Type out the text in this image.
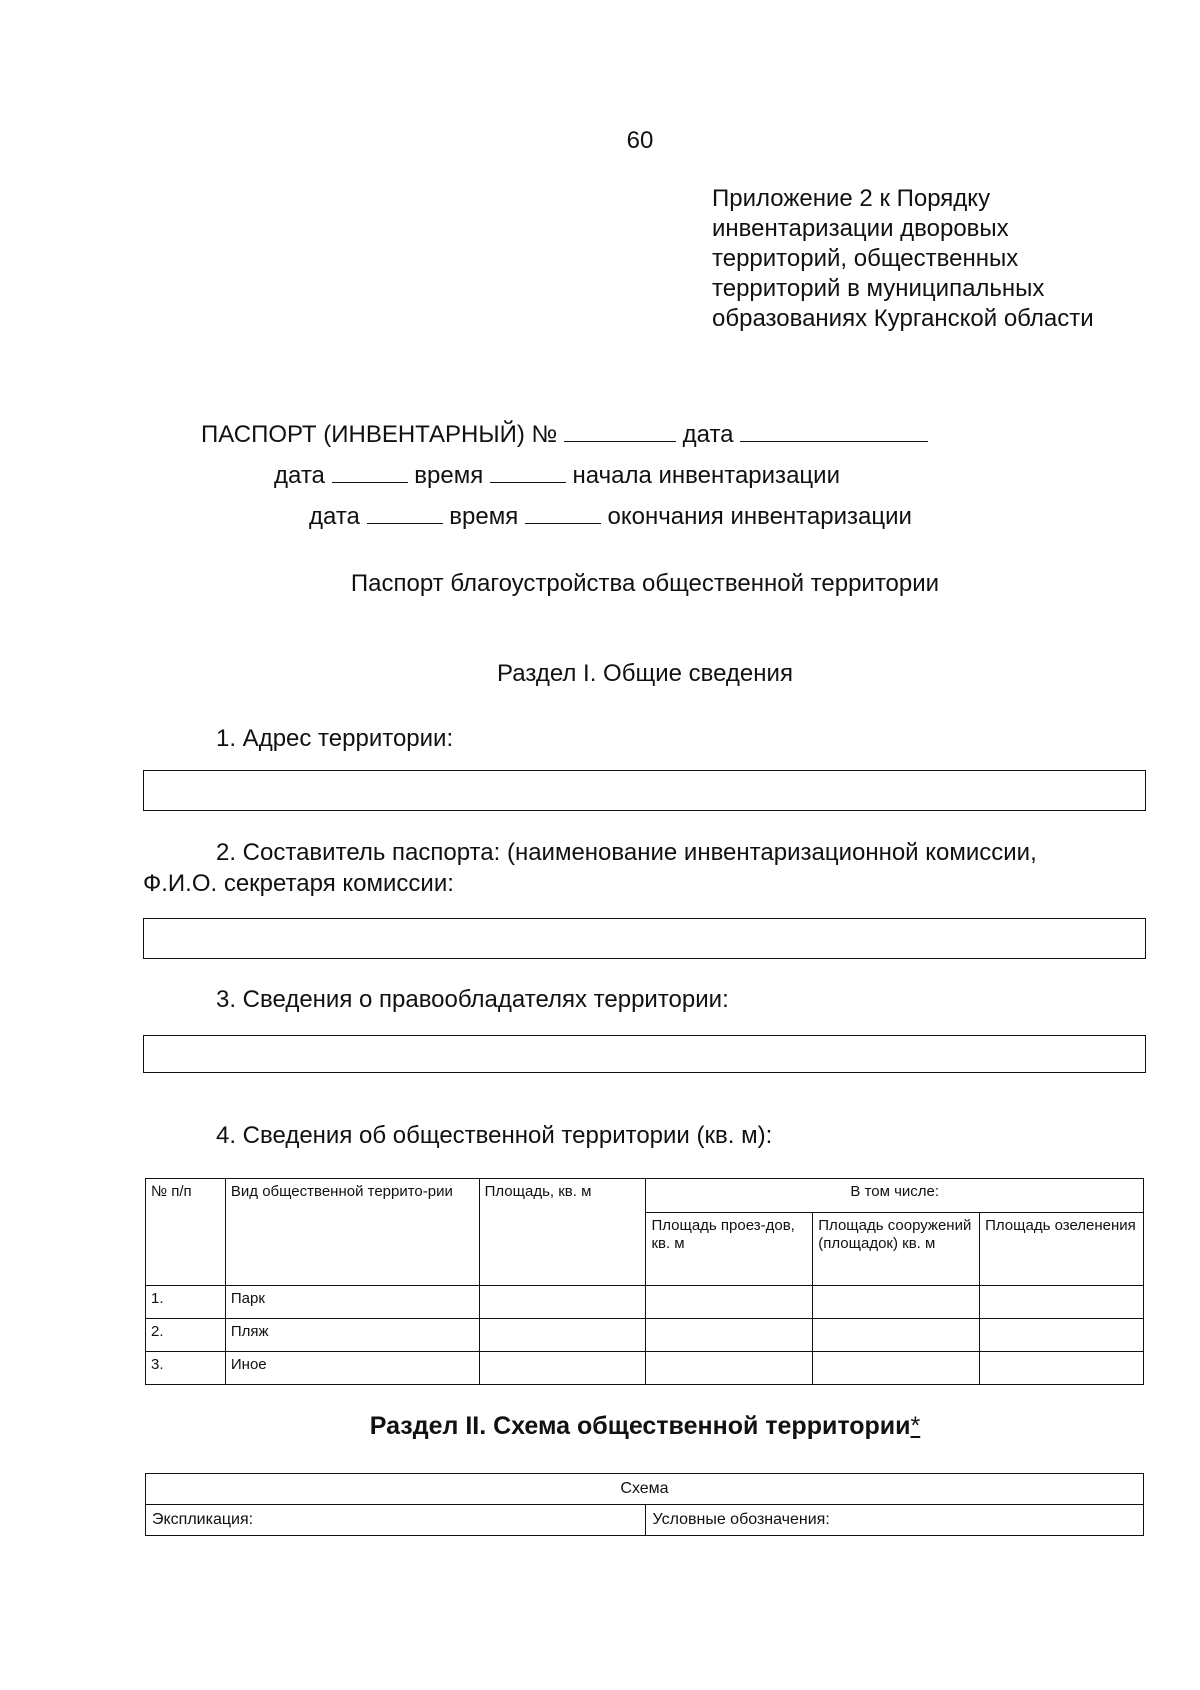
60
Приложение 2 к Порядку
инвентаризации дворовых
территорий, общественных
территорий в муниципальных
образованиях Курганской области
ПАСПОРТ (ИНВЕНТАРНЫЙ) №	дата
дата	время	начала инвентаризации
дата	время	окончания инвентаризации
Паспорт благоустройства общественной территории
Раздел I. Общие сведения
1. Адрес территории:
2. Составитель паспорта: (наименование инвентаризационной комиссии,
Ф.И.О. секретаря комиссии:
3. Сведения о правообладателях территории:
4. Сведения об общественной территории (кв. м):
№ п/п	Вид общественной террито-рии	Площадь, кв. м	В том числе:		
			Площадь проез-дов, кв. м	Площадь сооружений (площадок) кв. м	Площадь озеленения
1.	Парк				
2.	Пляж				
3.	Иное				
Раздел II. Схема общественной территории*
Схема
Экспликация:	Условные обозначения:
